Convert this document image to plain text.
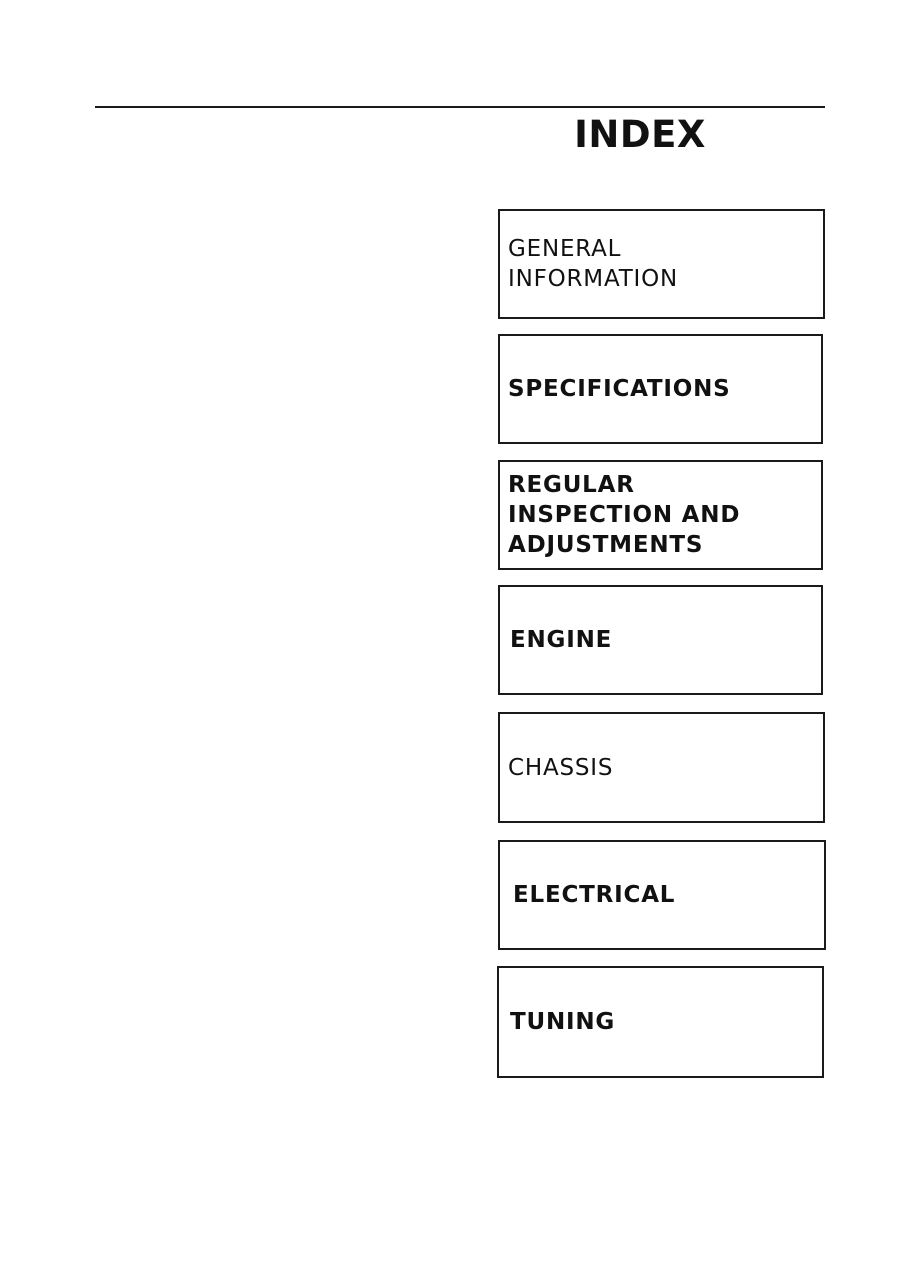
INDEX
GENERAL
INFORMATION
SPECIFICATIONS
REGULAR
INSPECTION AND
ADJUSTMENTS
ENGINE
CHASSIS
ELECTRICAL
TUNING
